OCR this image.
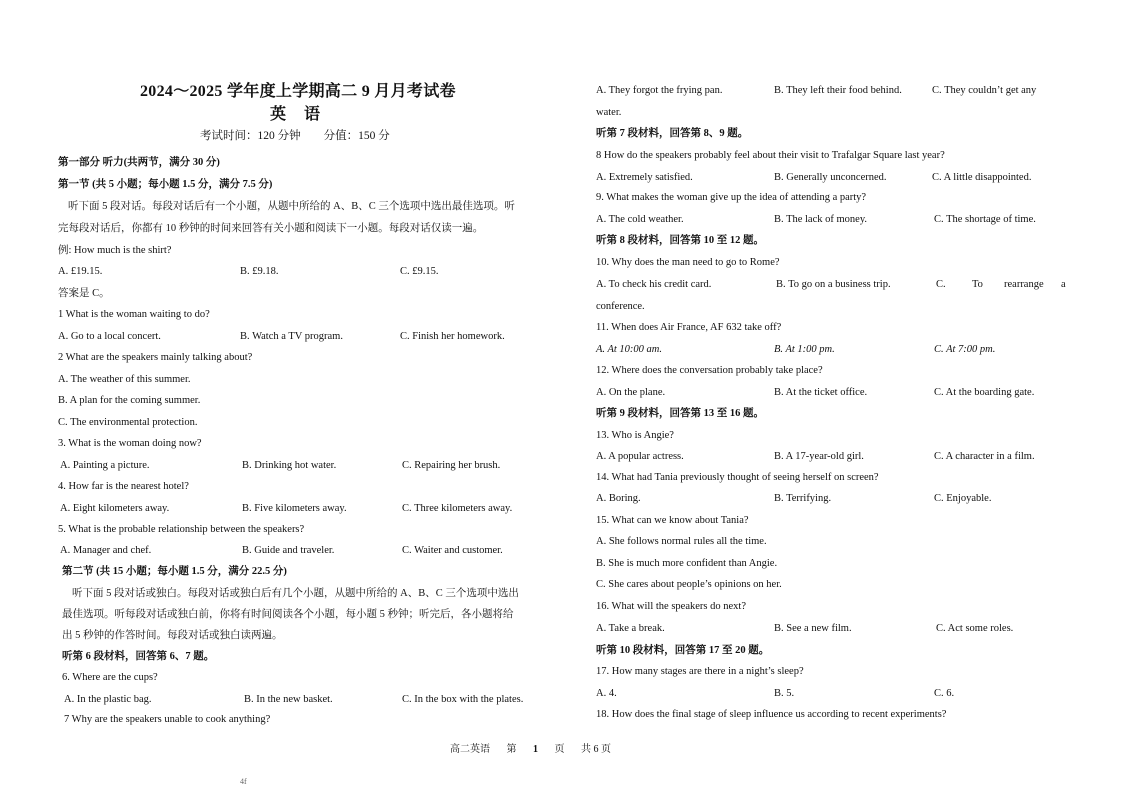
2024～2025 学年度上学期高二 9 月月考试卷
英语
考试时间：120 分钟　　分值：150 分
第一部分 听力(共两节，满分 30 分)
第一节 (共 5 小题；每小题 1.5 分，满分 7.5 分)
听下面 5 段对话。每段对话后有一个小题，从题中所给的 A、B、C 三个选项中选出最佳选项。听
完每段对话后，你都有 10 秒钟的时间来回答有关小题和阅读下一小题。每段对话仅读一遍。
例: How much is the shirt?
A. £19.15.	B. £9.18.	C. £9.15.
答案是 C。
1 What is the woman waiting to do?
A. Go to a local concert.	B. Watch a TV program.	C. Finish her homework.
2 What are the speakers mainly talking about?
A. The weather of this summer.
B. A plan for the coming summer.
C. The environmental protection.
3. What is the woman doing now?
A. Painting a picture.	B. Drinking hot water.	C. Repairing her brush.
4. How far is the nearest hotel?
A. Eight kilometers away.	B. Five kilometers away.	C. Three kilometers away.
5. What is the probable relationship between the speakers?
A. Manager and chef.	B. Guide and traveler.	C. Waiter and customer.
第二节 (共 15 小题；每小题 1.5 分，满分 22.5 分)
听下面 5 段对话或独白。每段对话或独白后有几个小题，从题中所给的 A、B、C 三个选项中选出
最佳选项。听每段对话或独白前，你将有时间阅读各个小题，每小题 5 秒钟；听完后，各小题将给
出 5 秒钟的作答时间。每段对话或独白读两遍。
听第 6 段材料，回答第 6、7 题。
6. Where are the cups?
A. In the plastic bag.	B. In the new basket.	C. In the box with the plates.
7 Why are the speakers unable to cook anything?
A. They forgot the frying pan.	B. They left their food behind.	C. They couldn’t get any
water.
听第 7 段材料，回答第 8、9 题。
8 How do the speakers probably feel about their visit to Trafalgar Square last year?
A. Extremely satisfied.	B. Generally unconcerned.	C. A little disappointed.
9. What makes the woman give up the idea of attending a party?
A. The cold weather.	B. The lack of money.	C. The shortage of time.
听第 8 段材料，回答第 10 至 12 题。
10. Why does the man need to go to Rome?
A. To check his credit card.	B. To go on a business trip.	C.	To rearrange a
conference.
11. When does Air France, AF 632 take off?
A. At 10:00 am.	B. At 1:00 pm.	C. At 7:00 pm.
12. Where does the conversation probably take place?
A. On the plane.	B. At the ticket office.	C. At the boarding gate.
听第 9 段材料，回答第 13 至 16 题。
13. Who is Angie?
A. A popular actress.	B. A 17-year-old girl.	C. A character in a film.
14. What had Tania previously thought of seeing herself on screen?
A. Boring.	B. Terrifying.	C. Enjoyable.
15. What can we know about Tania?
A. She follows normal rules all the time.
B. She is much more confident than Angie.
C. She cares about people’s opinions on her.
16. What will the speakers do next?
A. Take a break.	B. See a new film.	C. Act some roles.
听第 10 段材料，回答第 17 至 20 题。
17. How many stages are there in a night’s sleep?
A. 4.	B. 5.	C. 6.
18. How does the final stage of sleep influence us according to recent experiments?
高二英语 第 1 页 共 6 页
4f
